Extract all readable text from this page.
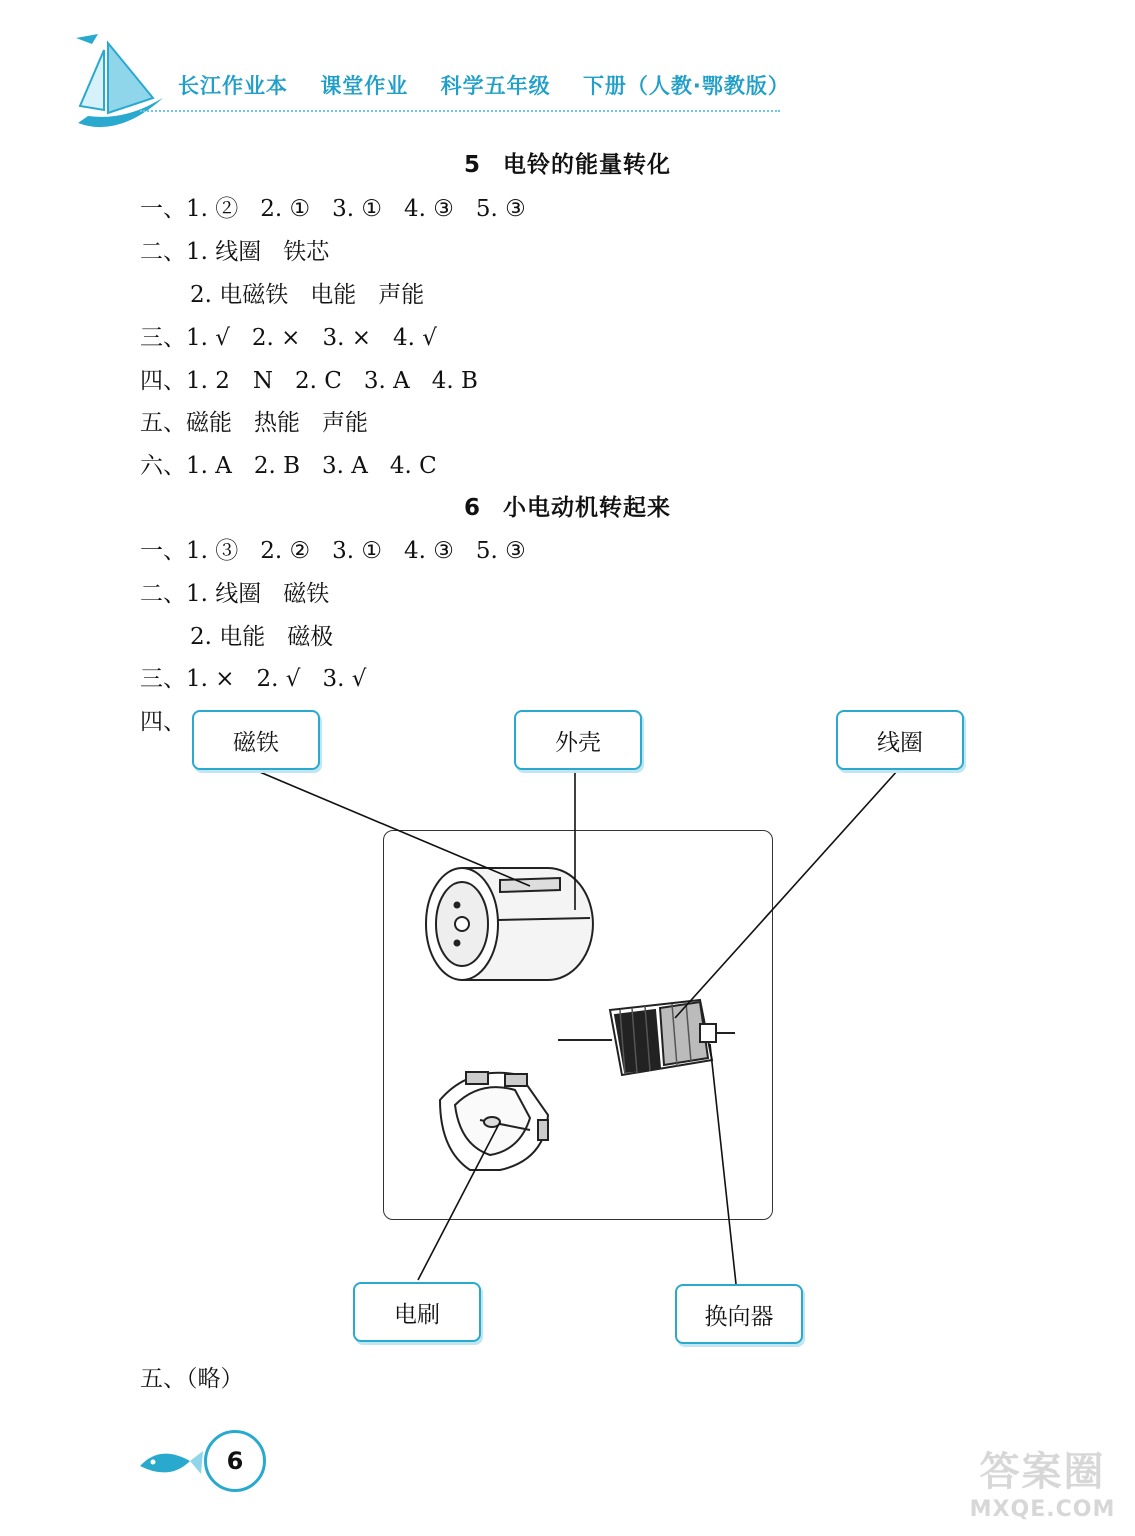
长江作业本 课堂作业 科学五年级 下册（人教·鄂教版）
5 电铃的能量转化
一、1. ② 2. ① 3. ① 4. ③ 5. ③
二、1. 线圈 铁芯
2. 电磁铁 电能 声能
三、1. √ 2. × 3. × 4. √
四、1. 2　N 2. C 3. A 4. B
五、磁能 热能 声能
六、1. A 2. B 3. A 4. C
6 小电动机转起来
一、1. ③ 2. ② 3. ① 4. ③ 5. ③
二、1. 线圈 磁铁
2. 电能 磁极
三、1. × 2. √ 3. √
四、
磁铁	外壳	线圈
电刷	换向器
五、（略）
6	答案圈
MXQE.COM
